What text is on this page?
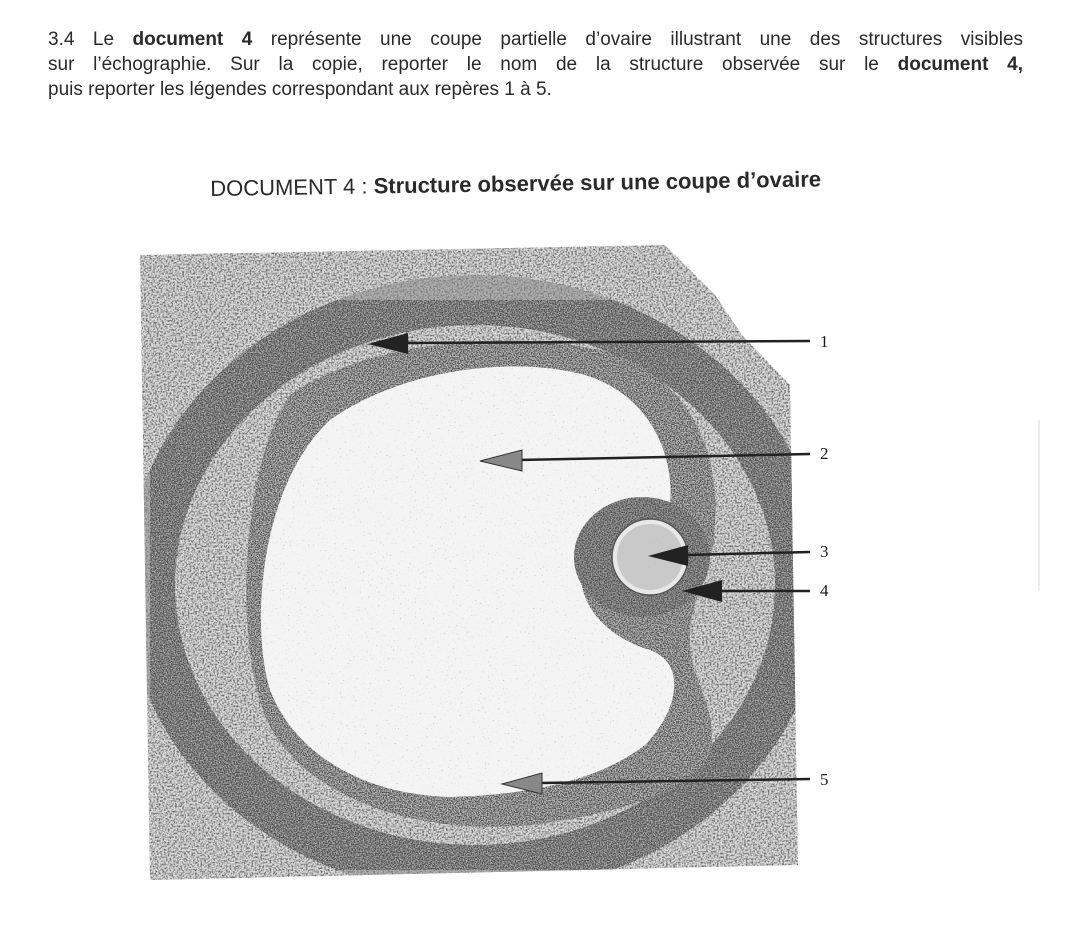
3.4 Le document 4 représente une coupe partielle d’ovaire illustrant une des structures visibles
sur l’échographie. Sur la copie, reporter le nom de la structure observée sur le document 4,
puis reporter les légendes correspondant aux repères 1 à 5.
DOCUMENT 4 : Structure observée sur une coupe d’ovaire
1
2
3
4
5
